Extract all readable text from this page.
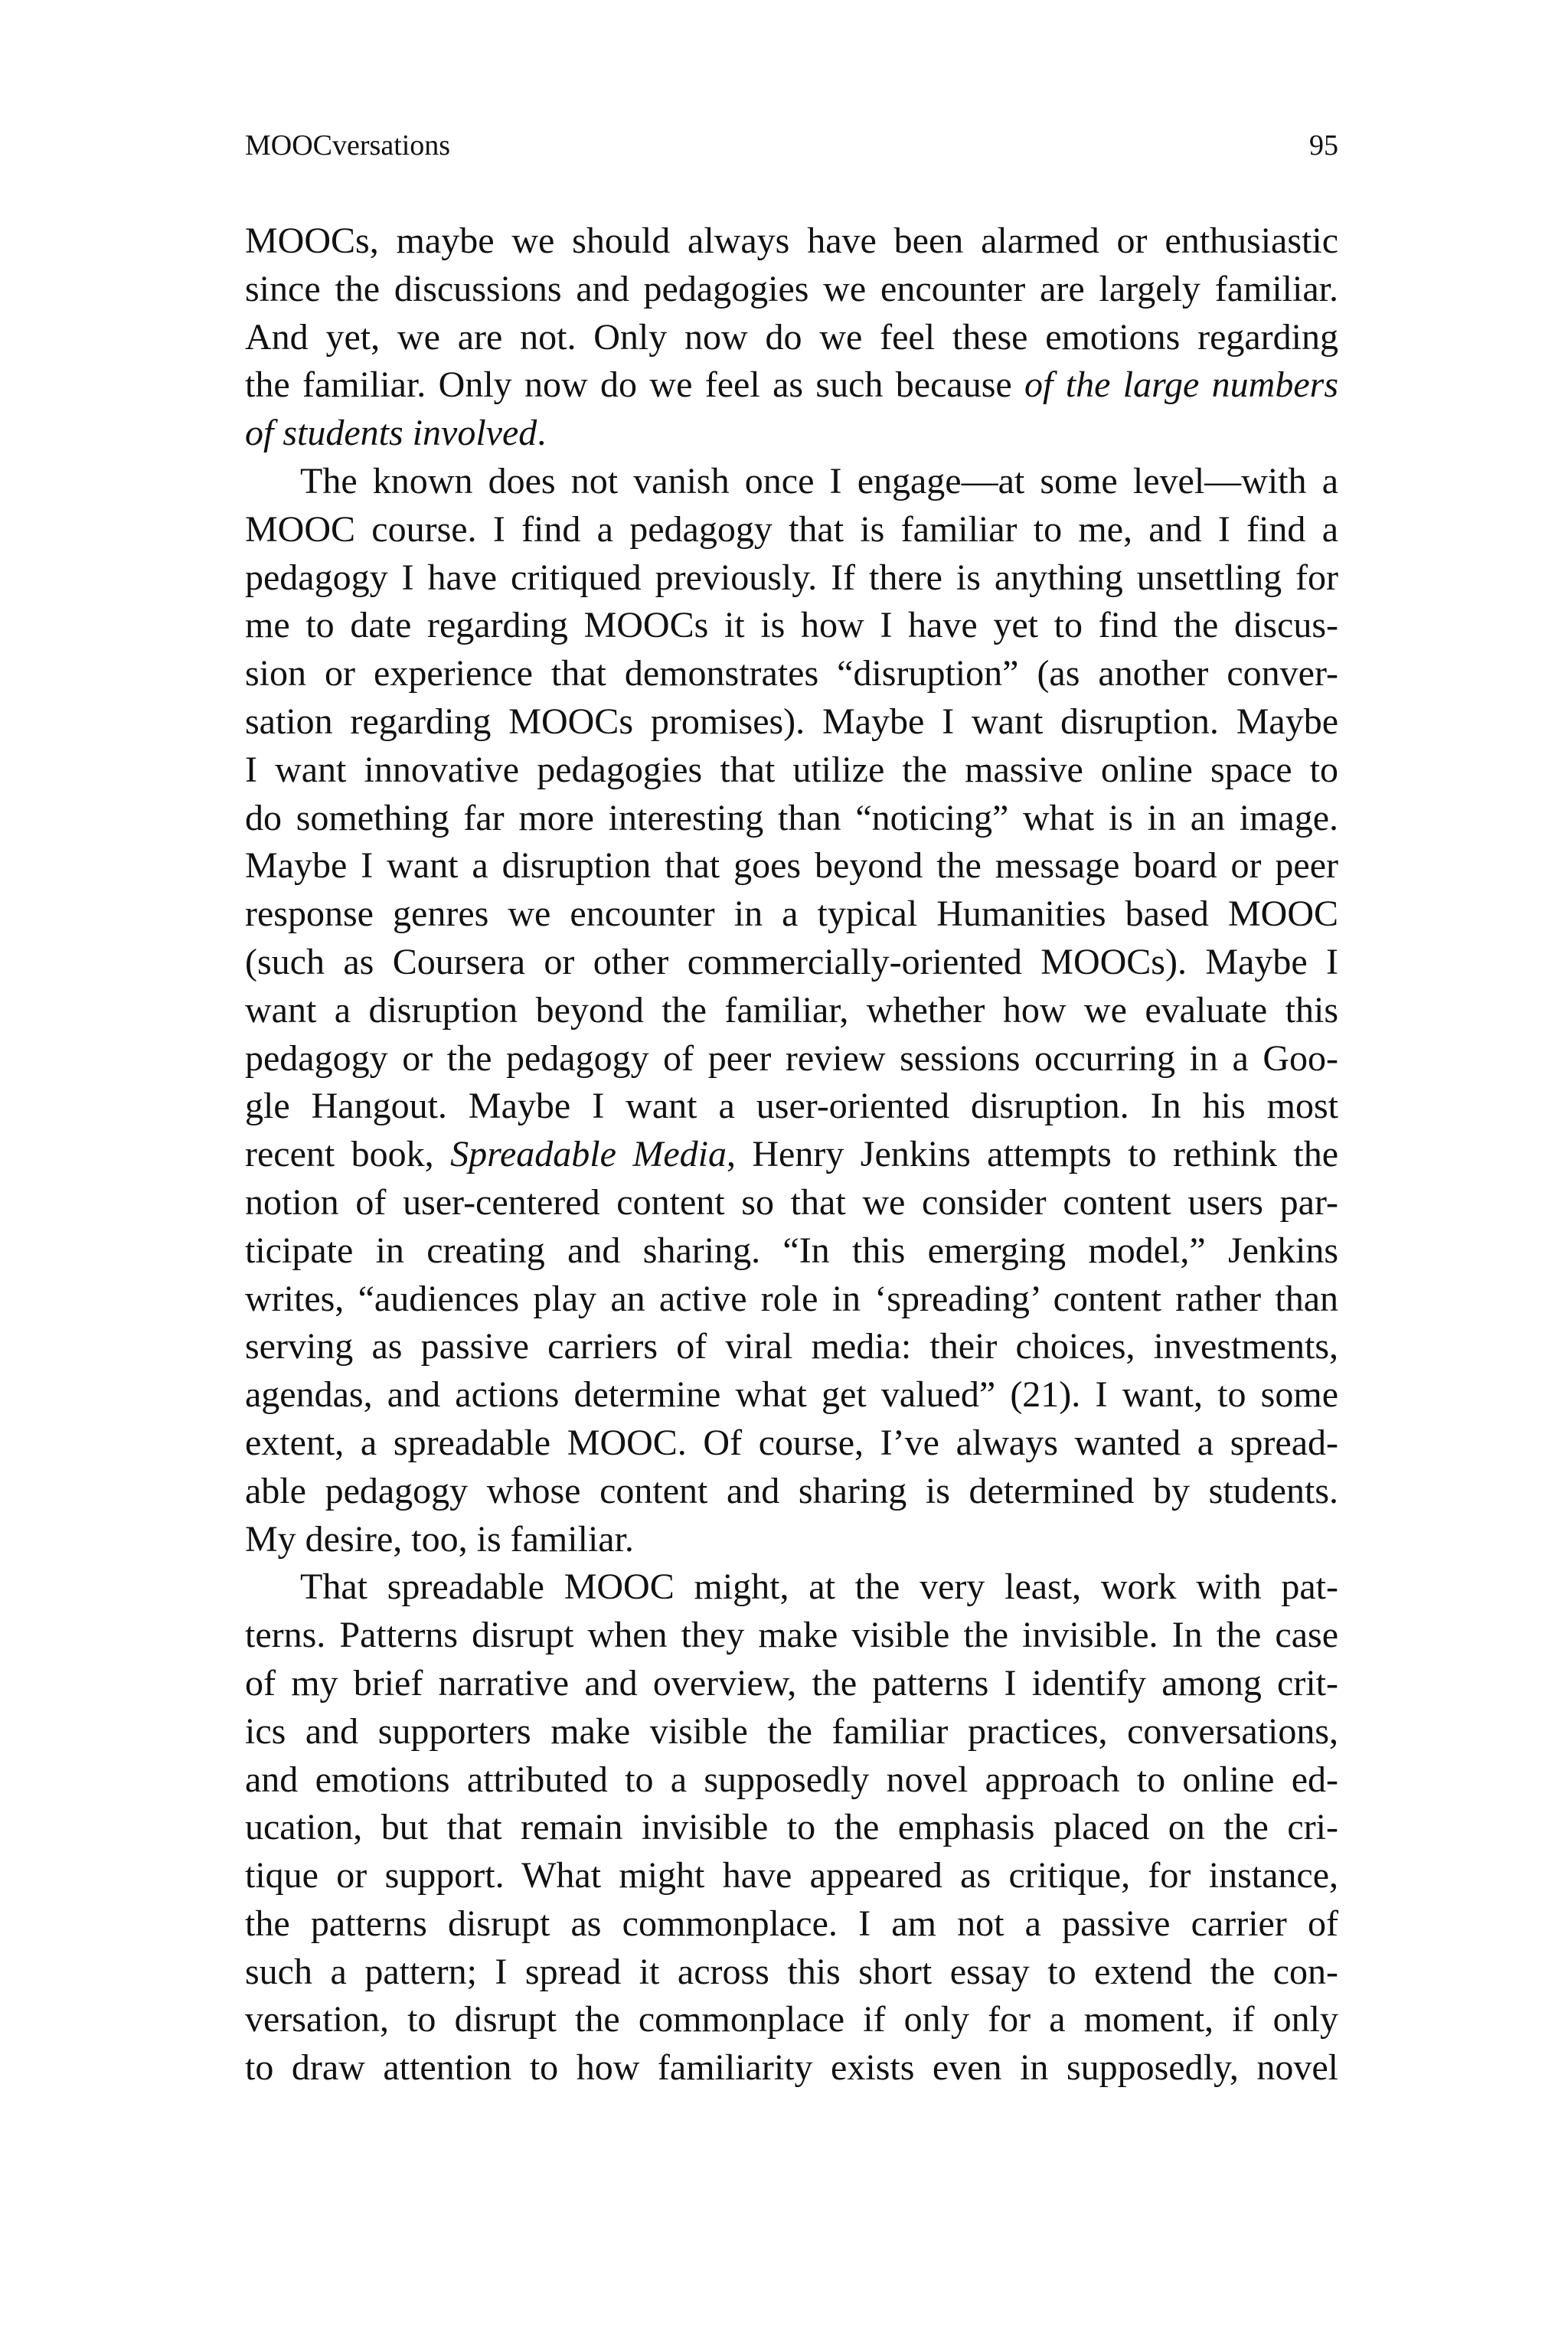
MOOCversations	95
MOOCs, maybe we should always have been alarmed or enthusiastic
since the discussions and pedagogies we encounter are largely familiar.
And yet, we are not. Only now do we feel these emotions regarding
the familiar. Only now do we feel as such because of the large numbers
of students involved.
The known does not vanish once I engage—at some level—with a
MOOC course. I find a pedagogy that is familiar to me, and I find a
pedagogy I have critiqued previously. If there is anything unsettling for
me to date regarding MOOCs it is how I have yet to find the discus-
sion or experience that demonstrates “disruption” (as another conver-
sation regarding MOOCs promises). Maybe I want disruption. Maybe
I want innovative pedagogies that utilize the massive online space to
do something far more interesting than “noticing” what is in an image.
Maybe I want a disruption that goes beyond the message board or peer
response genres we encounter in a typical Humanities based MOOC
(such as Coursera or other commercially-oriented MOOCs). Maybe I
want a disruption beyond the familiar, whether how we evaluate this
pedagogy or the pedagogy of peer review sessions occurring in a Goo-
gle Hangout. Maybe I want a user-oriented disruption. In his most
recent book, Spreadable Media, Henry Jenkins attempts to rethink the
notion of user-centered content so that we consider content users par-
ticipate in creating and sharing. “In this emerging model,” Jenkins
writes, “audiences play an active role in ‘spreading’ content rather than
serving as passive carriers of viral media: their choices, investments,
agendas, and actions determine what get valued” (21). I want, to some
extent, a spreadable MOOC. Of course, I’ve always wanted a spread-
able pedagogy whose content and sharing is determined by students.
My desire, too, is familiar.
That spreadable MOOC might, at the very least, work with pat-
terns. Patterns disrupt when they make visible the invisible. In the case
of my brief narrative and overview, the patterns I identify among crit-
ics and supporters make visible the familiar practices, conversations,
and emotions attributed to a supposedly novel approach to online ed-
ucation, but that remain invisible to the emphasis placed on the cri-
tique or support. What might have appeared as critique, for instance,
the patterns disrupt as commonplace. I am not a passive carrier of
such a pattern; I spread it across this short essay to extend the con-
versation, to disrupt the commonplace if only for a moment, if only
to draw attention to how familiarity exists even in supposedly, novel
